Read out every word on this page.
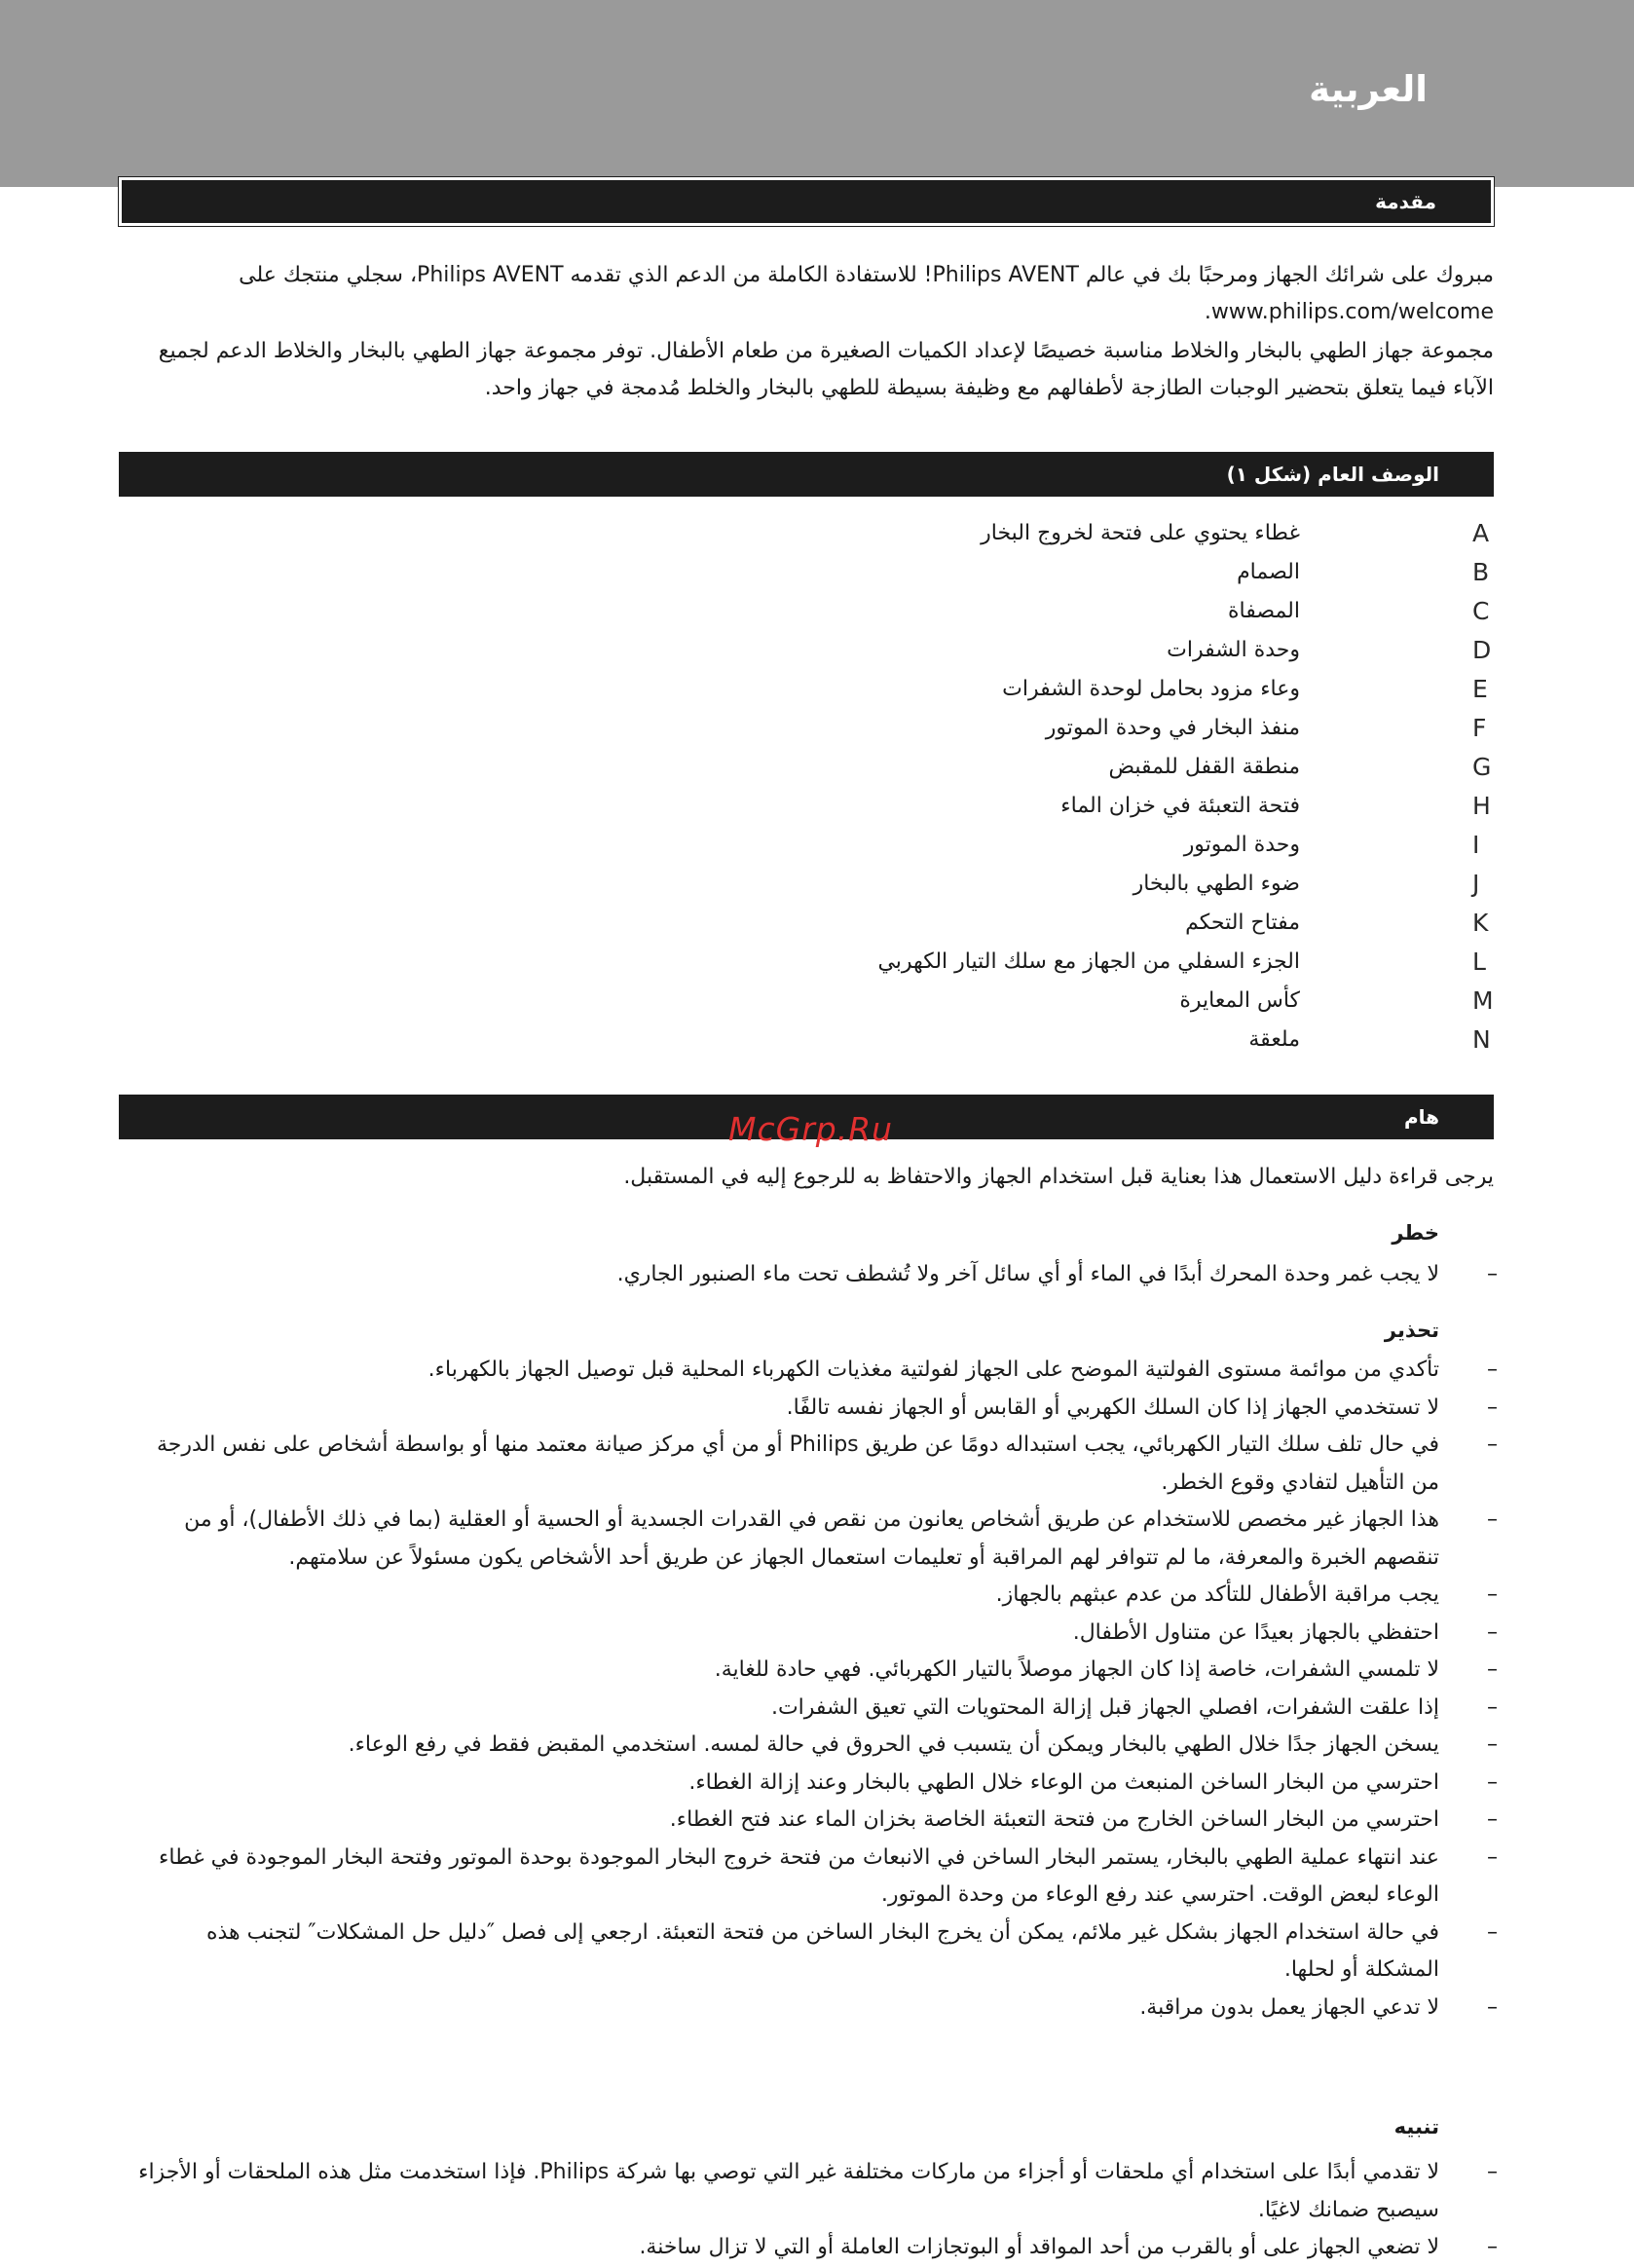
العربية
مقدمة
مبروك على شرائك الجهاز ومرحبًا بك في عالم Philips AVENT! للاستفادة الكاملة من الدعم الذي تقدمه Philips AVENT، سجلي منتجك على www.philips.com/welcome.
مجموعة جهاز الطهي بالبخار والخلاط مناسبة خصيصًا لإعداد الكميات الصغيرة من طعام الأطفال. توفر مجموعة جهاز الطهي بالبخار والخلاط الدعم لجميع الآباء فيما يتعلق بتحضير الوجبات الطازجة لأطفالهم مع وظيفة بسيطة للطهي بالبخار والخلط مُدمجة في جهاز واحد.
الوصف العام (شكل ١)
A
غطاء يحتوي على فتحة لخروج البخار
B
الصمام
C
المصفاة
D
وحدة الشفرات
E
وعاء مزود بحامل لوحدة الشفرات
F
منفذ البخار في وحدة الموتور
G
منطقة القفل للمقبض
H
فتحة التعبئة في خزان الماء
I
وحدة الموتور
J
ضوء الطهي بالبخار
K
مفتاح التحكم
L
الجزء السفلي من الجهاز مع سلك التيار الكهربي
M
كأس المعايرة
N
ملعقة
هام
McGrp.Ru
يرجى قراءة دليل الاستعمال هذا بعناية قبل استخدام الجهاز والاحتفاظ به للرجوع إليه في المستقبل.
خطر
–
لا يجب غمر وحدة المحرك أبدًا في الماء أو أي سائل آخر ولا تُشطف تحت ماء الصنبور الجاري.
تحذير
–
تأكدي من موائمة مستوى الفولتية الموضح على الجهاز لفولتية مغذيات الكهرباء المحلية قبل توصيل الجهاز بالكهرباء.
–
لا تستخدمي الجهاز إذا كان السلك الكهربي أو القابس أو الجهاز نفسه تالفًا.
–
في حال تلف سلك التيار الكهربائي، يجب استبداله دومًا عن طريق Philips أو من أي مركز صيانة معتمد منها أو بواسطة أشخاص على نفس الدرجة من التأهيل لتفادي وقوع الخطر.
–
هذا الجهاز غير مخصص للاستخدام عن طريق أشخاص يعانون من نقص في القدرات الجسدية أو الحسية أو العقلية (بما في ذلك الأطفال)، أو من تنقصهم الخبرة والمعرفة، ما لم تتوافر لهم المراقبة أو تعليمات استعمال الجهاز عن طريق أحد الأشخاص يكون مسئولاً عن سلامتهم.
–
يجب مراقبة الأطفال للتأكد من عدم عبثهم بالجهاز.
–
احتفظي بالجهاز بعيدًا عن متناول الأطفال.
–
لا تلمسي الشفرات، خاصة إذا كان الجهاز موصلاً بالتيار الكهربائي. فهي حادة للغاية.
–
إذا علقت الشفرات، افصلي الجهاز قبل إزالة المحتويات التي تعيق الشفرات.
–
يسخن الجهاز جدًا خلال الطهي بالبخار ويمكن أن يتسبب في الحروق في حالة لمسه. استخدمي المقبض فقط في رفع الوعاء.
–
احترسي من البخار الساخن المنبعث من الوعاء خلال الطهي بالبخار وعند إزالة الغطاء.
–
احترسي من البخار الساخن الخارج من فتحة التعبئة الخاصة بخزان الماء عند فتح الغطاء.
–
عند انتهاء عملية الطهي بالبخار، يستمر البخار الساخن في الانبعاث من فتحة خروج البخار الموجودة بوحدة الموتور وفتحة البخار الموجودة في غطاء الوعاء لبعض الوقت. احترسي عند رفع الوعاء من وحدة الموتور.
–
في حالة استخدام الجهاز بشكل غير ملائم، يمكن أن يخرج البخار الساخن من فتحة التعبئة. ارجعي إلى فصل ″دليل حل المشكلات″ لتجنب هذه المشكلة أو لحلها.
–
لا تدعي الجهاز يعمل بدون مراقبة.
تنبيه
–
لا تقدمي أبدًا على استخدام أي ملحقات أو أجزاء من ماركات مختلفة غير التي توصي بها شركة Philips. فإذا استخدمت مثل هذه الملحقات أو الأجزاء سيصبح ضمانك لاغيًا.
–
لا تضعي الجهاز على أو بالقرب من أحد المواقد أو البوتجازات العاملة أو التي لا تزال ساخنة.
